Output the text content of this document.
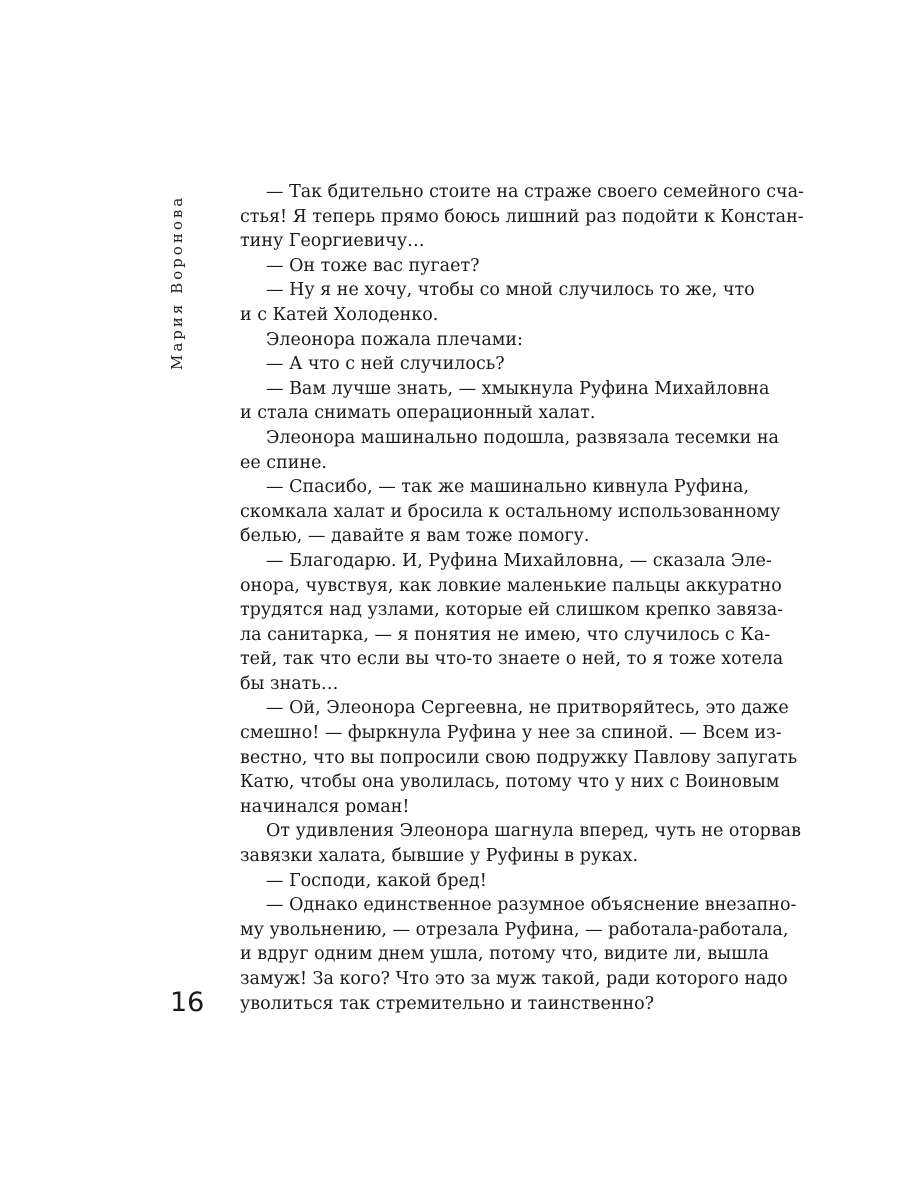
Мария Воронова
— Так бдительно стоите на страже своего семейного сча-
стья! Я теперь прямо боюсь лишний раз подойти к Констан-
тину Георгиевичу…
— Он тоже вас пугает?
— Ну я не хочу, чтобы со мной случилось то же, что
и с Катей Холоденко.
Элеонора пожала плечами:
— А что с ней случилось?
— Вам лучше знать, — хмыкнула Руфина Михайловна
и стала снимать операционный халат.
Элеонора машинально подошла, развязала тесемки на
ее спине.
— Спасибо, — так же машинально кивнула Руфина,
скомкала халат и бросила к остальному использованному
белью, — давайте я вам тоже помогу.
— Благодарю. И, Руфина Михайловна, — сказала Эле-
онора, чувствуя, как ловкие маленькие пальцы аккуратно
трудятся над узлами, которые ей слишком крепко завяза-
ла санитарка, — я понятия не имею, что случилось с Ка-
тей, так что если вы что-то знаете о ней, то я тоже хотела
бы знать…
— Ой, Элеонора Сергеевна, не притворяйтесь, это даже
смешно! — фыркнула Руфина у нее за спиной. — Всем из-
вестно, что вы попросили свою подружку Павлову запугать
Катю, чтобы она уволилась, потому что у них с Воиновым
начинался роман!
От удивления Элеонора шагнула вперед, чуть не оторвав
завязки халата, бывшие у Руфины в руках.
— Господи, какой бред!
— Однако единственное разумное объяснение внезапно-
му увольнению, — отрезала Руфина, — работала-работала,
и вдруг одним днем ушла, потому что, видите ли, вышла
замуж! За кого? Что это за муж такой, ради которого надо
уволиться так стремительно и таинственно?
16
